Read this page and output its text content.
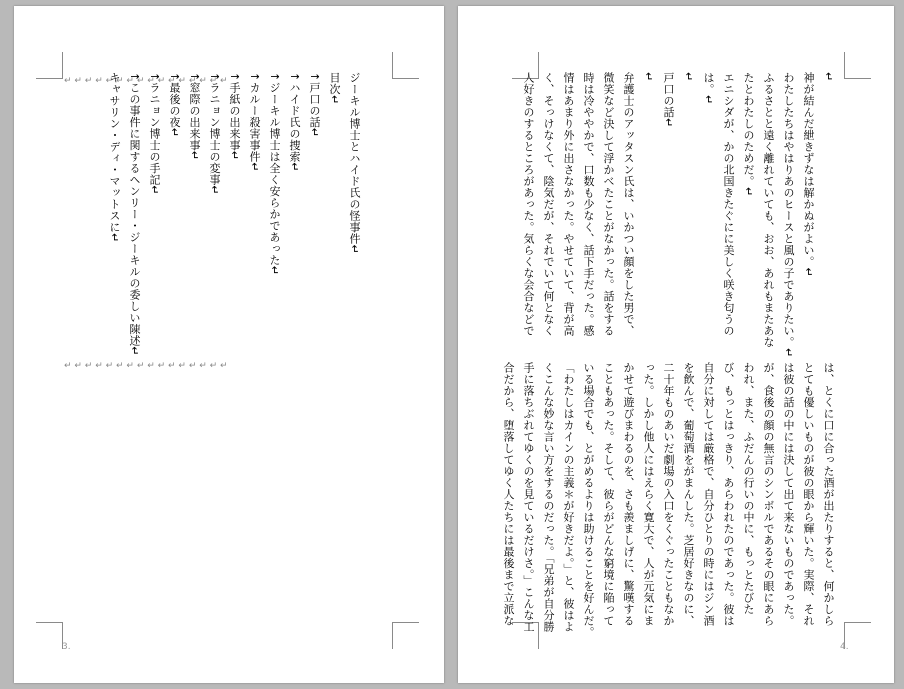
↵ ↵ ↵ ↵ ↵ ↵ ↵ ↵ ↵ ↵ ↵ ↵ ↵ ↵ ↵ ↵
↵ ↵ ↵ ↵ ↵ ↵ ↵ ↵ ↵ ↵ ↵ ↵ ↵ ↵ ↵ ↵
ジーキル博士とハイド氏の怪事件↵
目次↵
↑戸口の話↵
↑ハイド氏の捜索↵
↑ジーキル博士は全く安らかであった↵
↑カルー殺害事件↵
↑手紙の出来事↵
↑ラニョン博士の変事↵
↑窓際の出来事↵
↑最後の夜↵
↑ラニョン博士の手記↵
↑この事件に関するヘンリー・ジーキルの委しい陳述↵
キャサリン・ディ・マットスに↵
3.
↵
神が結んだ紲きずなは解かぬがよい。↵
わたしたちはやはりあのヒースと風の子でありたい。↵
ふるさとと遠く離れていても、おお、あれもまたあな
たとわたしのためだ。↵
エニシダが、かの北国きたぐにに美しく咲き匂うの
は。↵
↵
戸口の話↵
↵
弁護士のアッタスン氏は、いかつい顔をした男で、
微笑など決して浮かべたことがなかった。話をする
時は冷ややかで、口数も少なく、話下手だった。感
情はあまり外に出さなかった。やせていて、背が高
く、そっけなくて、陰気だが、それでいて何となく
人好きのするところがあった。気らくな会合などで
は、とくに口に合った酒が出たりすると、何かしら
とても優しいものが彼の眼から輝いた。実際、それ
は彼の話の中には決して出て来ないものであった。
が、食後の顔の無言のシンボルであるその眼にあら
われ、また、ふだんの行いの中に、もっとたびた
び、もっとはっきり、あらわれたのであった。彼は
自分に対しては厳格で、自分ひとりの時にはジン酒
を飲んで、葡萄酒をがまんした。芝居好きなのに、
二十年ものあいだ劇場の入口をくぐったこともなか
った。しかし他人にはえらく寛大で、人が元気にま
かせて遊びまわるのを、さも羨ましげに、驚嘆する
こともあった。そして、彼らがどんな窮境に陥って
いる場合でも、とがめるよりは助けることを好んだ。
「わたしはカインの主義＊が好きだよ。」と、彼はよ
くこんな妙な言い方をするのだった。「兄弟が自分勝
手に落ちぶれてゆくのを見ているだけさ。」こんな工
合だから、堕落してゆく人たちには最後まで立派な
4.
